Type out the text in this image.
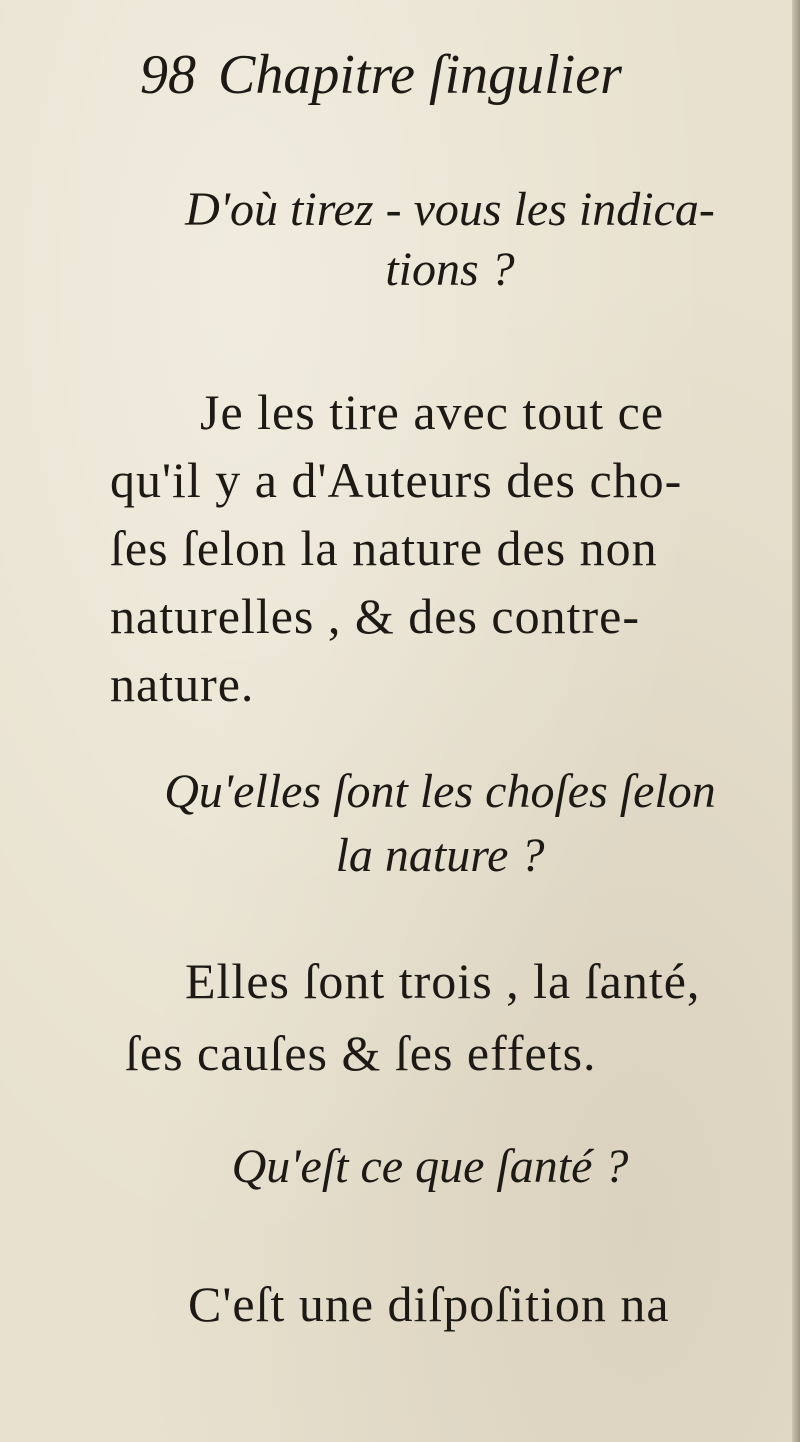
98 Chapitre ſingulier
D'où tirez - vous les indica-
tions ?
Je les tire avec tout ce
qu'il y a d'Auteurs des cho-
ſes ſelon la nature des non
naturelles , & des contre-
nature.
Qu'elles ſont les choſes ſelon
la nature ?
Elles ſont trois , la ſanté,
ſes cauſes & ſes effets.
Qu'eſt ce que ſanté ?
C'eſt une diſpoſition na
